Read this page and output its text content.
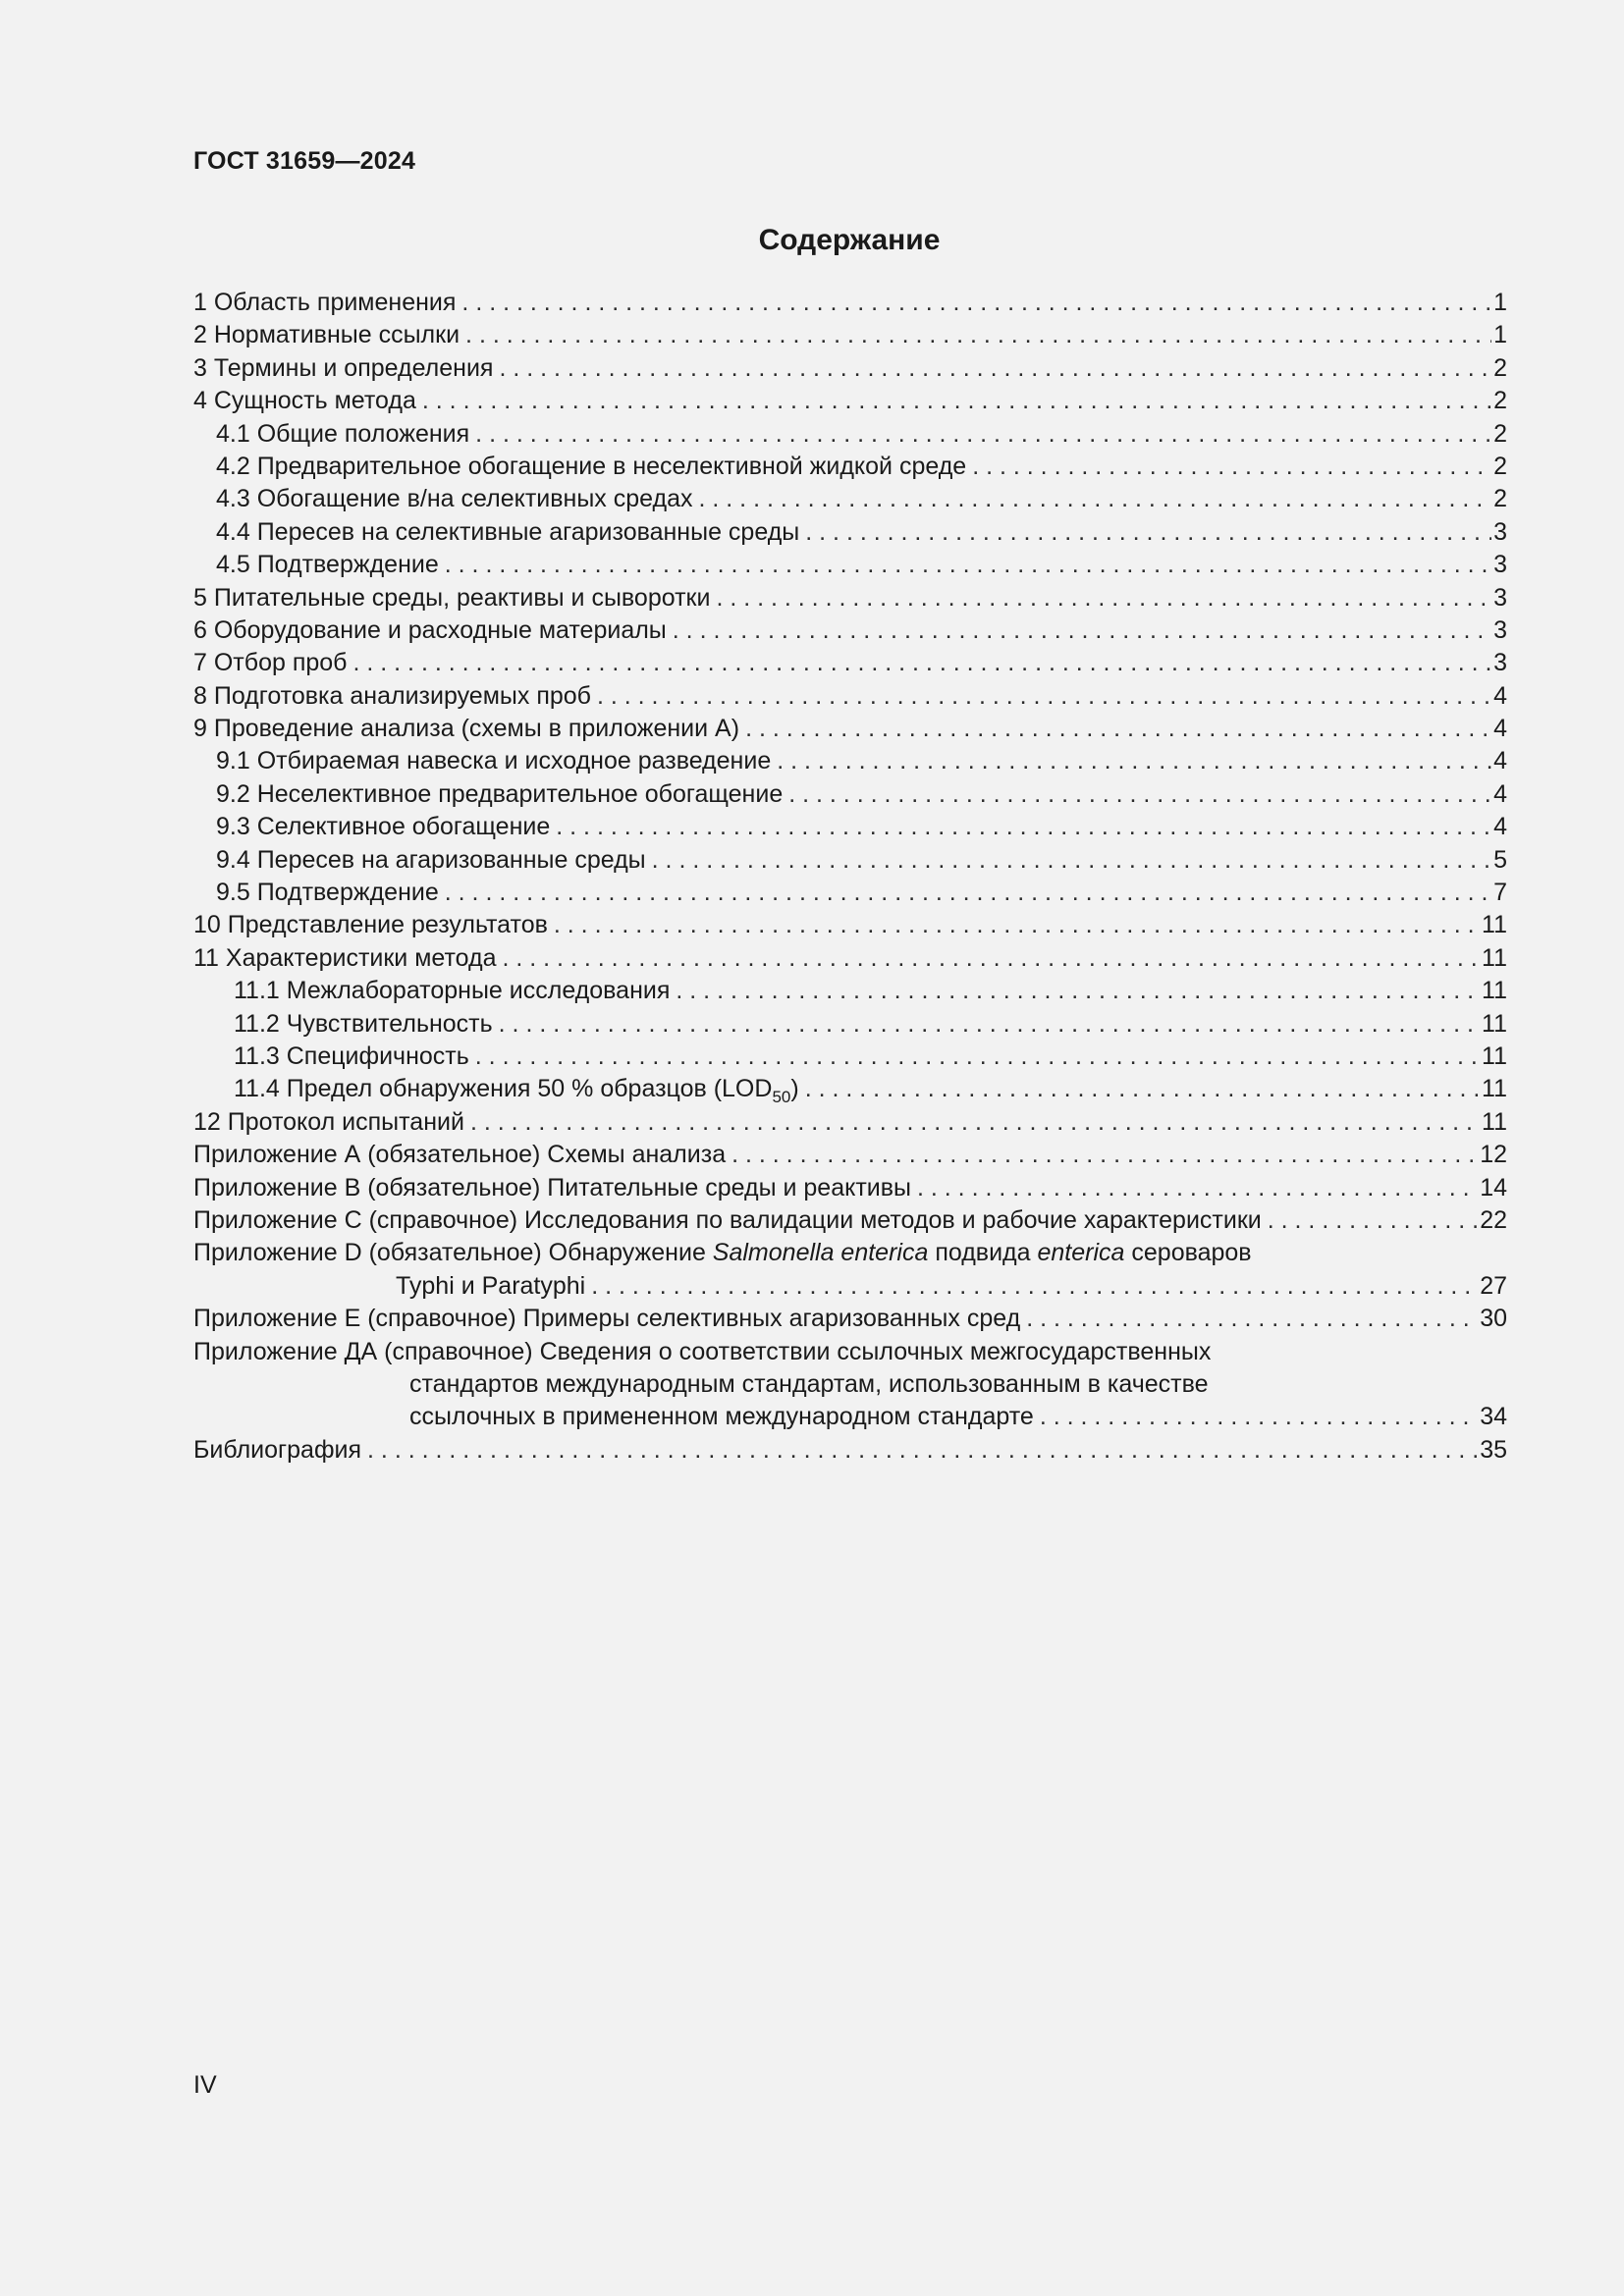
ГОСТ 31659—2024
Содержание
1 Область применения . . .	1
2 Нормативные ссылки . . .	1
3 Термины и определения . . .	2
4 Сущность метода . . .	2
4.1 Общие положения . . .	2
4.2 Предварительное обогащение в неселективной жидкой среде . . .	2
4.3 Обогащение в/на селективных средах . . .	2
4.4 Пересев на селективные агаризованные среды . . .	3
4.5 Подтверждение . . .	3
5 Питательные среды, реактивы и сыворотки . . .	3
6 Оборудование и расходные материалы . . .	3
7 Отбор проб . . .	3
8 Подготовка анализируемых проб . . .	4
9 Проведение анализа (схемы в приложении А) . . .	4
9.1 Отбираемая навеска и исходное разведение . . .	4
9.2 Неселективное предварительное обогащение . . .	4
9.3 Селективное обогащение . . .	4
9.4 Пересев на агаризованные среды . . .	5
9.5 Подтверждение . . .	7
10 Представление результатов . . .	11
11 Характеристики метода . . .	11
11.1 Межлабораторные исследования . . .	11
11.2 Чувствительность . . .	11
11.3 Специфичность . . .	11
11.4 Предел обнаружения 50 % образцов $(LOD_{50})$ . . .	11
12 Протокол испытаний . . .	11
Приложение А (обязательное) Схемы анализа . . .	12
Приложение В (обязательное) Питательные среды и реактивы . . .	14
Приложение С (справочное) Исследования по валидации методов и рабочие характеристики . . .	22
Приложение D (обязательное) Обнаружение Salmonella enterica подвида enterica сероваров
Typhi и Paratyphi . . .	27
Приложение Е (справочное) Примеры селективных агаризованных сред . . .	30
Приложение ДА (справочное) Сведения о соответствии ссылочных межгосударственных
стандартов международным стандартам, использованным в качестве
ссылочных в примененном международном стандарте . . .	34
Библиография . . .	35
IV
